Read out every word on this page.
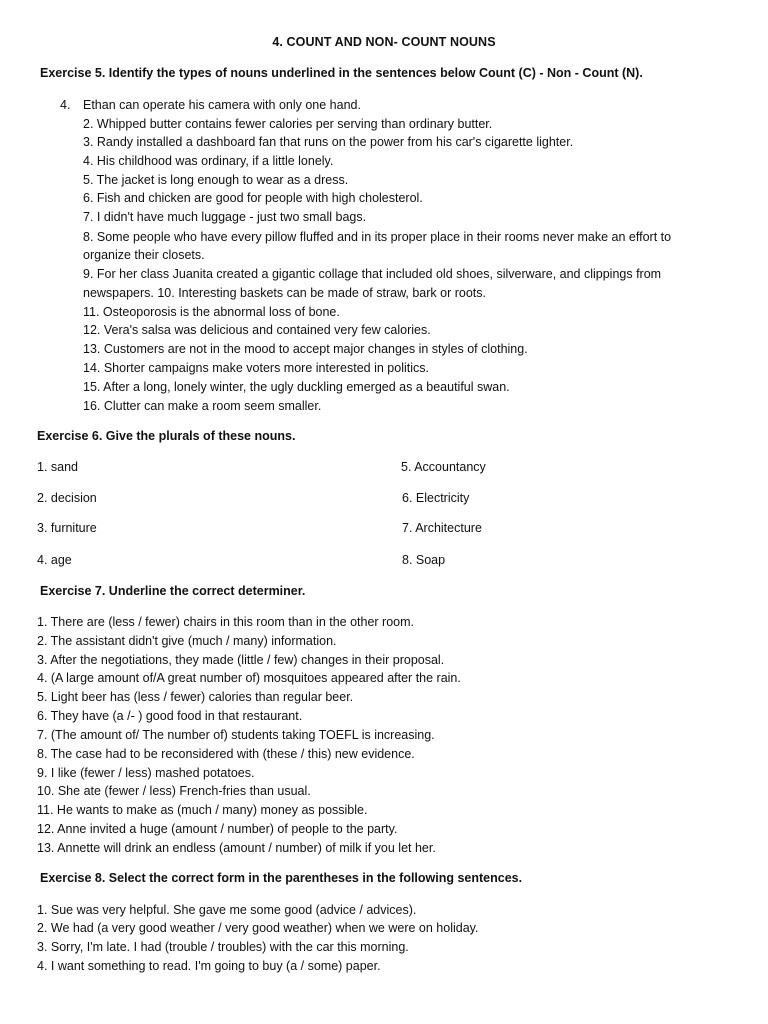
4. COUNT AND NON- COUNT NOUNS
Exercise 5. Identify the types of nouns underlined in the sentences below Count (C) - Non - Count (N).
4. Ethan can operate his camera with only one hand.
2. Whipped butter contains fewer calories per serving than ordinary butter.
3. Randy installed a dashboard fan that runs on the power from his car's cigarette lighter.
4. His childhood was ordinary, if a little lonely.
5. The jacket is long enough to wear as a dress.
6. Fish and chicken are good for people with high cholesterol.
7. I didn't have much luggage - just two small bags.
8. Some people who have every pillow fluffed and in its proper place in their rooms never make an effort to
organize their closets.
9. For her class Juanita created a gigantic collage that included old shoes, silverware, and clippings from
newspapers. 10. Interesting baskets can be made of straw, bark or roots.
11. Osteoporosis is the abnormal loss of bone.
12. Vera's salsa was delicious and contained very few calories.
13. Customers are not in the mood to accept major changes in styles of clothing.
14. Shorter campaigns make voters more interested in politics.
15. After a long, lonely winter, the ugly duckling emerged as a beautiful swan.
16. Clutter can make a room seem smaller.
Exercise 6. Give the plurals of these nouns.
1. sand
2. decision
3. furniture
4. age
5. Accountancy
6. Electricity
7. Architecture
8. Soap
Exercise 7. Underline the correct determiner.
1. There are (less / fewer) chairs in this room than in the other room.
2. The assistant didn't give (much / many) information.
3. After the negotiations, they made (little / few) changes in their proposal.
4. (A large amount of/A great number of) mosquitoes appeared after the rain.
5. Light beer has (less / fewer) calories than regular beer.
6. They have (a /- ) good food in that restaurant.
7. (The amount of/ The number of) students taking TOEFL is increasing.
8. The case had to be reconsidered with (these / this) new evidence.
9. I like (fewer / less) mashed potatoes.
10. She ate (fewer / less) French-fries than usual.
11. He wants to make as (much / many) money as possible.
12. Anne invited a huge (amount / number) of people to the party.
13. Annette will drink an endless (amount / number) of milk if you let her.
Exercise 8. Select the correct form in the parentheses in the following sentences.
1. Sue was very helpful. She gave me some good (advice / advices).
2. We had (a very good weather / very good weather) when we were on holiday.
3. Sorry, I'm late. I had (trouble / troubles) with the car this morning.
4. I want something to read. I'm going to buy (a / some) paper.
